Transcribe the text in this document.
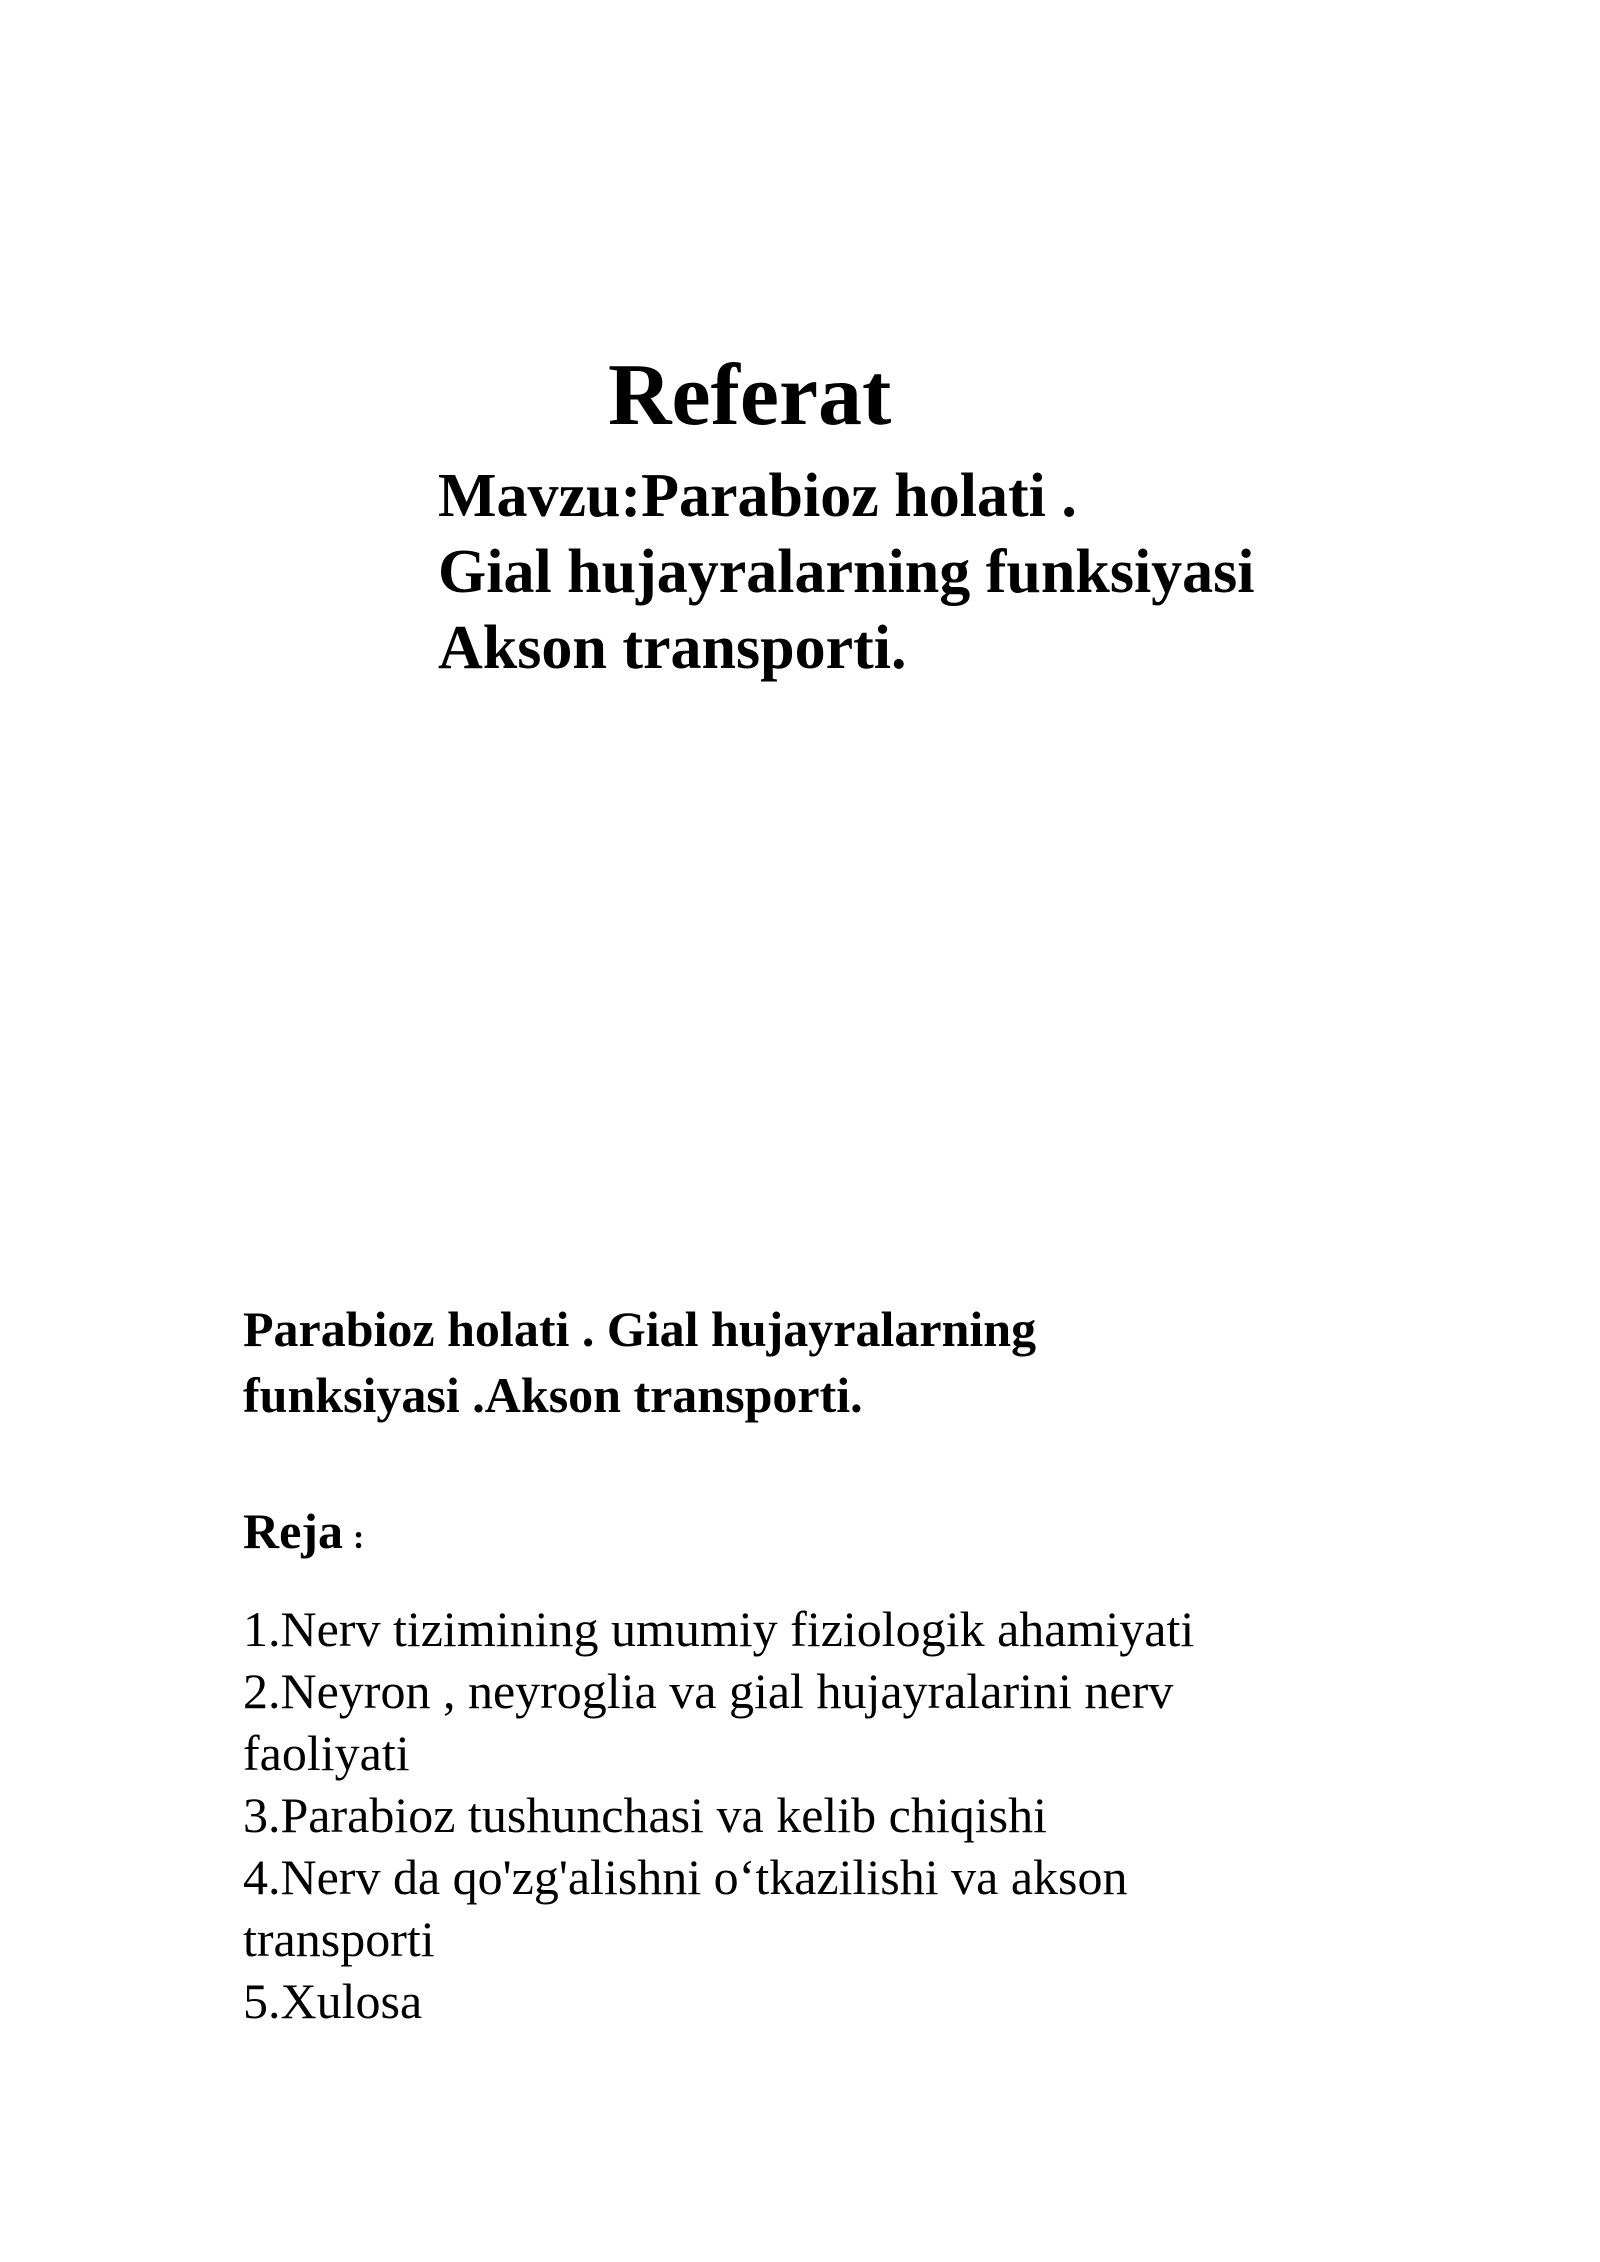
Referat
Mavzu:Parabioz holati .
Gial hujayralarning funksiyasi
Akson transporti.
Parabioz holati . Gial hujayralarning
funksiyasi .Akson transporti.
Reja :
1.Nerv tizimining umumiy fiziologik ahamiyati
2.Neyron , neyroglia va gial hujayralarini nerv
faoliyati
3.Parabioz tushunchasi va kelib chiqishi
4.Nerv da qo'zg'alishni o‘tkazilishi va akson
transporti
5.Xulosa
